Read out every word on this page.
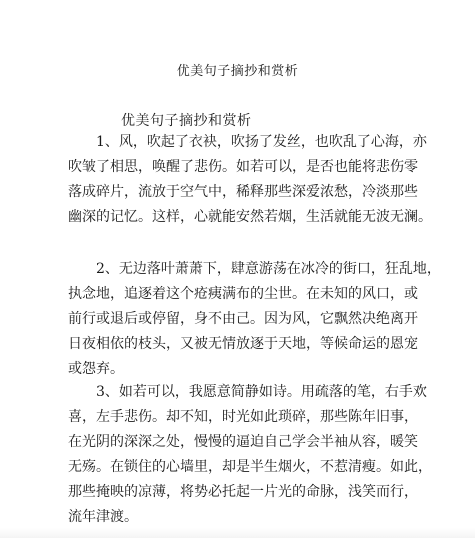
优美句子摘抄和赏析
优美句子摘抄和赏析
1、风，吹起了衣袂，吹扬了发丝，也吹乱了心海，亦
吹皱了相思，唤醒了悲伤。如若可以，是否也能将悲伤零
落成碎片，流放于空气中，稀释那些深爱浓愁，冷淡那些
幽深的记忆。这样，心就能安然若烟，生活就能无波无澜。
2、无边落叶萧萧下，肆意游荡在冰冷的街口，狂乱地，
执念地，追逐着这个疮痍满布的尘世。在未知的风口，或
前行或退后或停留，身不由己。因为风，它飘然决绝离开
日夜相依的枝头，又被无情放逐于天地，等候命运的恩宠
或怨弃。
3、如若可以，我愿意简静如诗。用疏落的笔，右手欢
喜，左手悲伤。却不知，时光如此琐碎，那些陈年旧事，
在光阴的深深之处，慢慢的逼迫自己学会半袖从容，暖笑
无殇。在锁住的心墙里，却是半生烟火，不惹清瘦。如此，
那些掩映的凉薄，将势必托起一片光的命脉，浅笑而行，
流年津渡。
